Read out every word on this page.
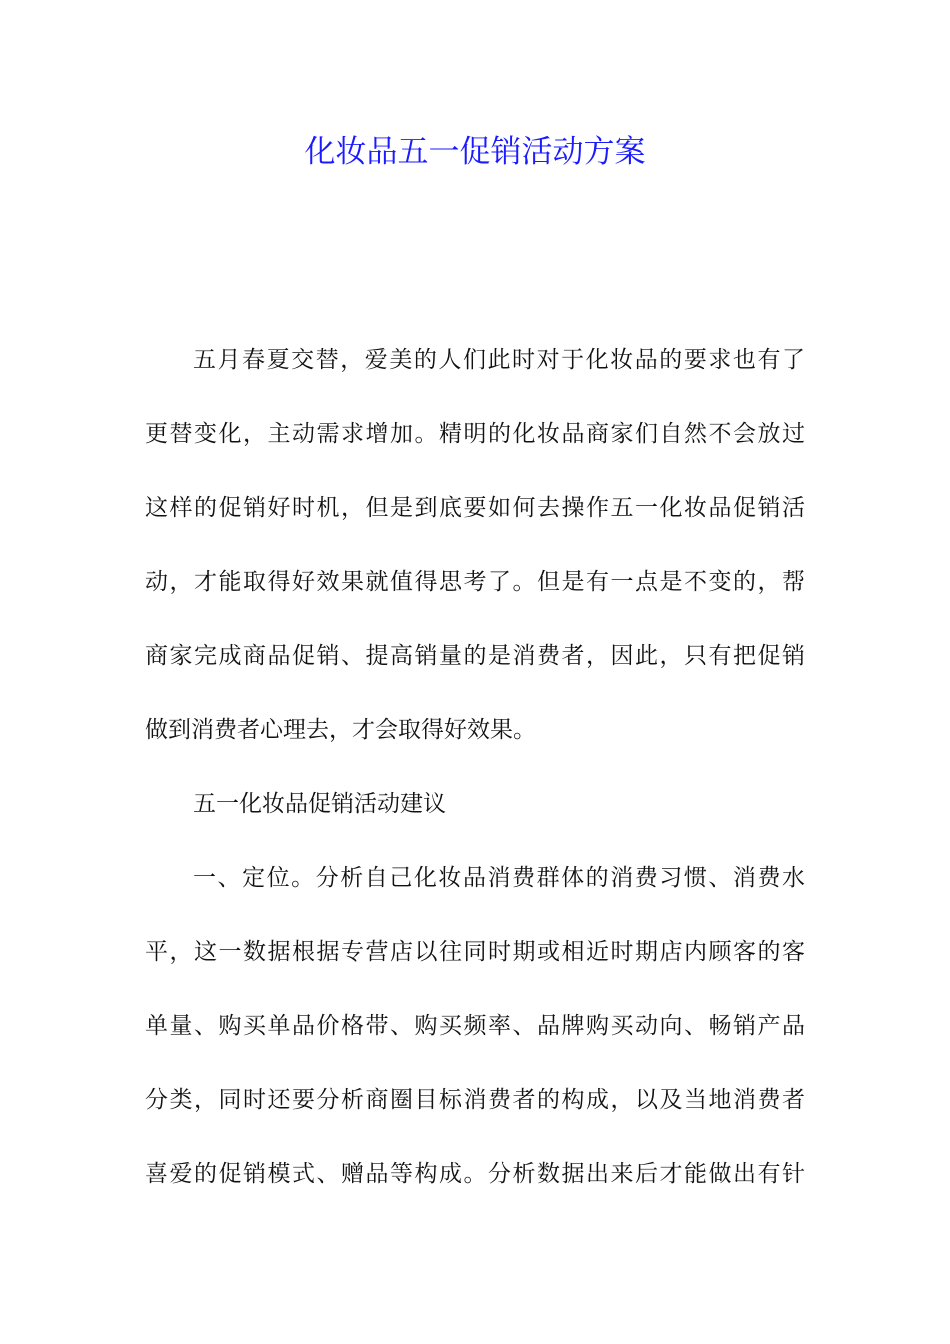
化妆品五一促销活动方案
五月春夏交替，爱美的人们此时对于化妆品的要求也有了
更替变化，主动需求增加。精明的化妆品商家们自然不会放过
这样的促销好时机，但是到底要如何去操作五一化妆品促销活
动，才能取得好效果就值得思考了。但是有一点是不变的，帮
商家完成商品促销、提高销量的是消费者，因此，只有把促销
做到消费者心理去，才会取得好效果。
五一化妆品促销活动建议
一、定位。分析自己化妆品消费群体的消费习惯、消费水
平，这一数据根据专营店以往同时期或相近时期店内顾客的客
单量、购买单品价格带、购买频率、品牌购买动向、畅销产品
分类，同时还要分析商圈目标消费者的构成，以及当地消费者
喜爱的促销模式、赠品等构成。分析数据出来后才能做出有针
